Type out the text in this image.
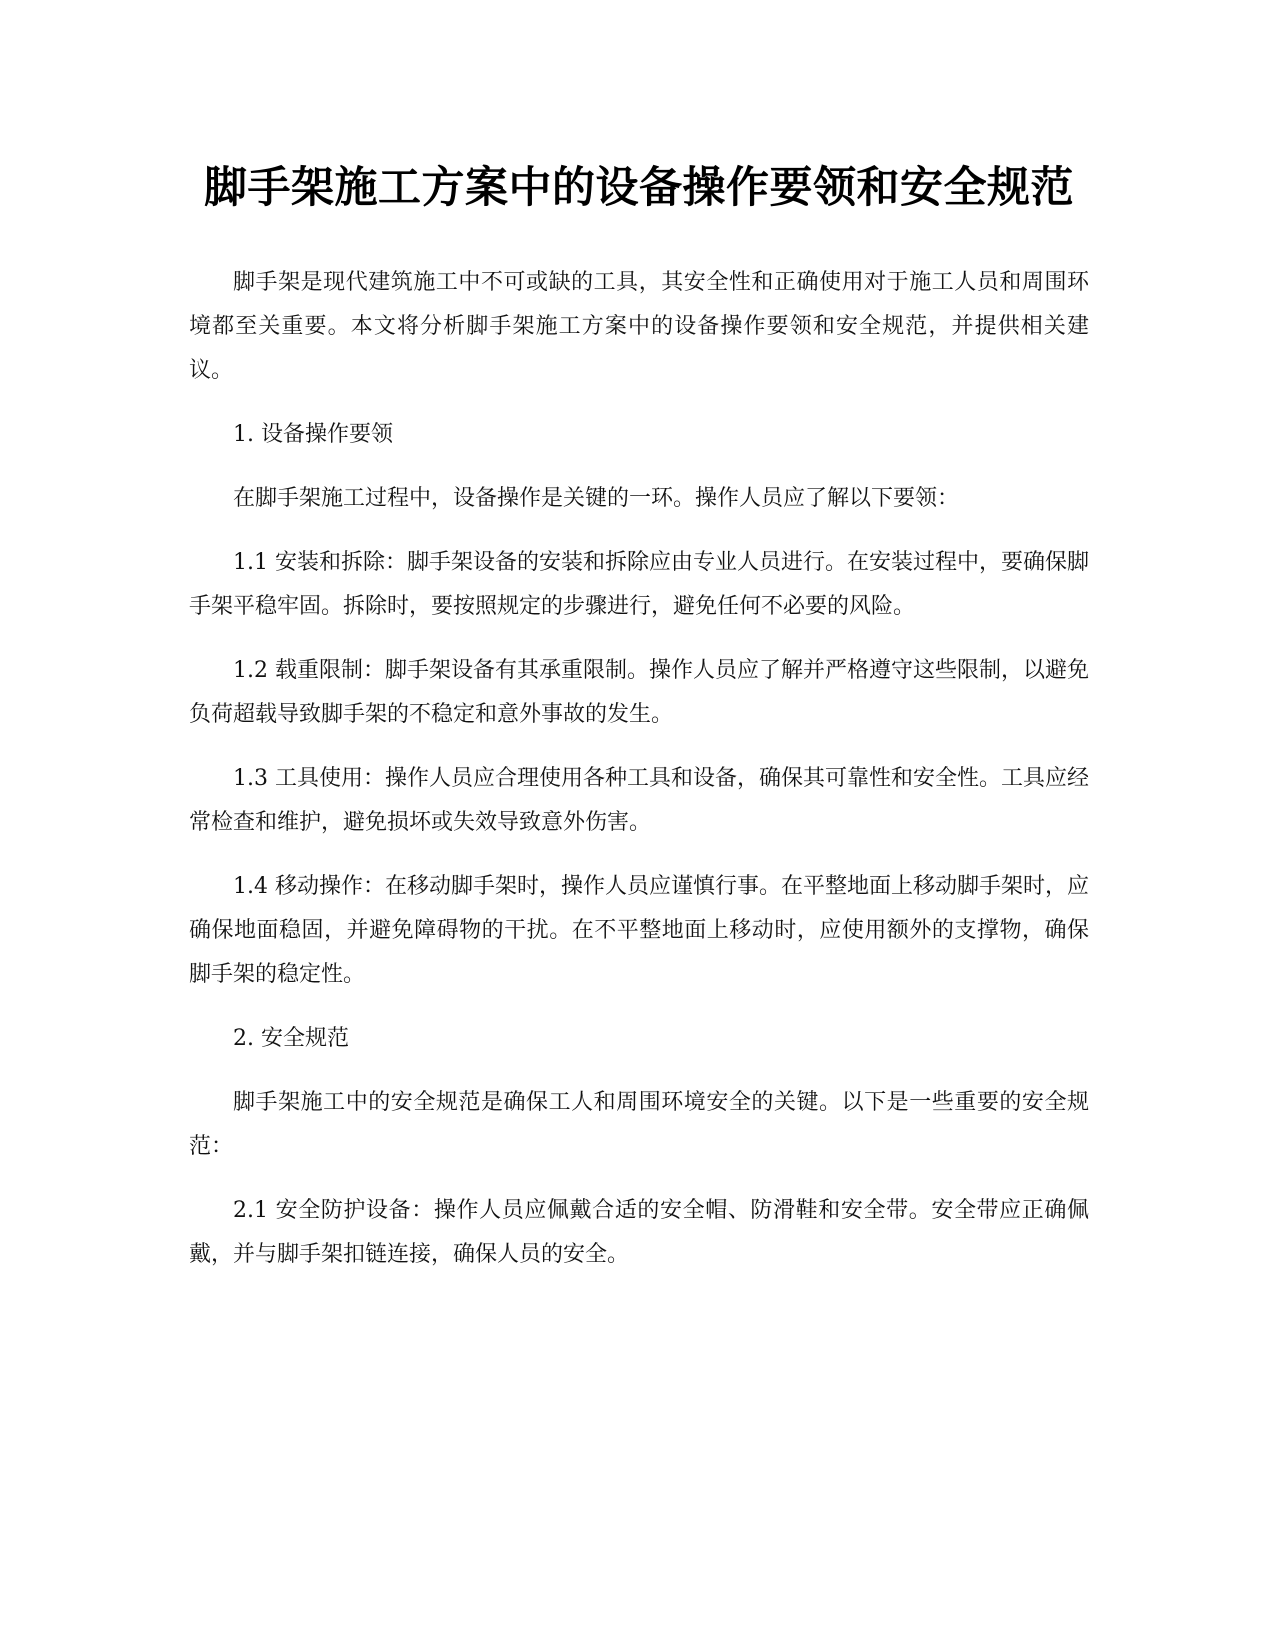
脚手架施工方案中的设备操作要领和安全规范

脚手架是现代建筑施工中不可或缺的工具，其安全性和正确使用对于施工人员和周围环境都至关重要。本文将分析脚手架施工方案中的设备操作要领和安全规范，并提供相关建议。

1. 设备操作要领

在脚手架施工过程中，设备操作是关键的一环。操作人员应了解以下要领：

1.1 安装和拆除：脚手架设备的安装和拆除应由专业人员进行。在安装过程中，要确保脚手架平稳牢固。拆除时，要按照规定的步骤进行，避免任何不必要的风险。

1.2 载重限制：脚手架设备有其承重限制。操作人员应了解并严格遵守这些限制，以避免负荷超载导致脚手架的不稳定和意外事故的发生。

1.3 工具使用：操作人员应合理使用各种工具和设备，确保其可靠性和安全性。工具应经常检查和维护，避免损坏或失效导致意外伤害。

1.4 移动操作：在移动脚手架时，操作人员应谨慎行事。在平整地面上移动脚手架时，应确保地面稳固，并避免障碍物的干扰。在不平整地面上移动时，应使用额外的支撑物，确保脚手架的稳定性。

2. 安全规范

脚手架施工中的安全规范是确保工人和周围环境安全的关键。以下是一些重要的安全规范：

2.1 安全防护设备：操作人员应佩戴合适的安全帽、防滑鞋和安全带。安全带应正确佩戴，并与脚手架扣链连接，确保人员的安全。
